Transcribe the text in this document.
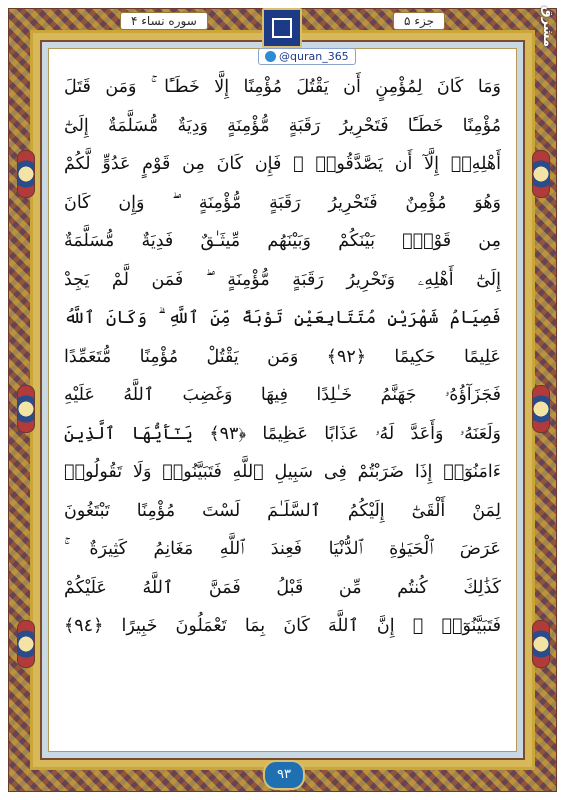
سوره نساء ۴	جزء ۵
@quran_365
مشرق
وَمَا كَانَ لِمُؤْمِنٍ أَن يَقْتُلَ مُؤْمِنًا إِلَّا خَطَـًٔا ۚ وَمَن قَتَلَ
مُؤْمِنًا خَطَـًٔا فَتَحْرِيرُ رَقَبَةٍ مُّؤْمِنَةٍ وَدِيَةٌ مُّسَلَّمَةٌ إِلَىٰٓ
أَهْلِهِۦٓ إِلَّآ أَن يَصَّدَّقُوا۟ ۚ فَإِن كَانَ مِن قَوْمٍ عَدُوٍّ لَّكُمْ
وَهُوَ مُؤْمِنٌ فَتَحْرِيرُ رَقَبَةٍ مُّؤْمِنَةٍ ۖ وَإِن كَانَ
مِن قَوْمٍۭ بَيْنَكُمْ وَبَيْنَهُم مِّيثَـٰقٌ فَدِيَةٌ مُّسَلَّمَةٌ
إِلَىٰٓ أَهْلِهِۦ وَتَحْرِيرُ رَقَبَةٍ مُّؤْمِنَةٍ ۖ فَمَن لَّمْ يَجِدْ
فَصِيَامُ شَهْرَيْنِ مُتَتَابِعَيْنِ تَوْبَةً مِّنَ ٱللَّهِ ۗ وَكَانَ ٱللَّهُ
عَلِيمًا حَكِيمًا ﴿٩٢﴾ وَمَن يَقْتُلْ مُؤْمِنًا مُّتَعَمِّدًا
فَجَزَآؤُهُۥ جَهَنَّمُ خَـٰلِدًا فِيهَا وَغَضِبَ ٱللَّهُ عَلَيْهِ
وَلَعَنَهُۥ وَأَعَدَّ لَهُۥ عَذَابًا عَظِيمًا ﴿٩٣﴾ يَـٰٓأَيُّهَا ٱلَّذِينَ
ءَامَنُوٓا۟ إِذَا ضَرَبْتُمْ فِى سَبِيلِ ٱللَّهِ فَتَبَيَّنُوا۟ وَلَا تَقُولُوا۟
لِمَنْ أَلْقَىٰٓ إِلَيْكُمُ ٱلسَّلَـٰمَ لَسْتَ مُؤْمِنًا تَبْتَغُونَ
عَرَضَ ٱلْحَيَوٰةِ ٱلدُّنْيَا فَعِندَ ٱللَّهِ مَغَانِمُ كَثِيرَةٌ ۚ
كَذَٰلِكَ كُنتُم مِّن قَبْلُ فَمَنَّ ٱللَّهُ عَلَيْكُمْ
فَتَبَيَّنُوٓا۟ ۚ إِنَّ ٱللَّهَ كَانَ بِمَا تَعْمَلُونَ خَبِيرًا ﴿٩٤﴾
۹۳
